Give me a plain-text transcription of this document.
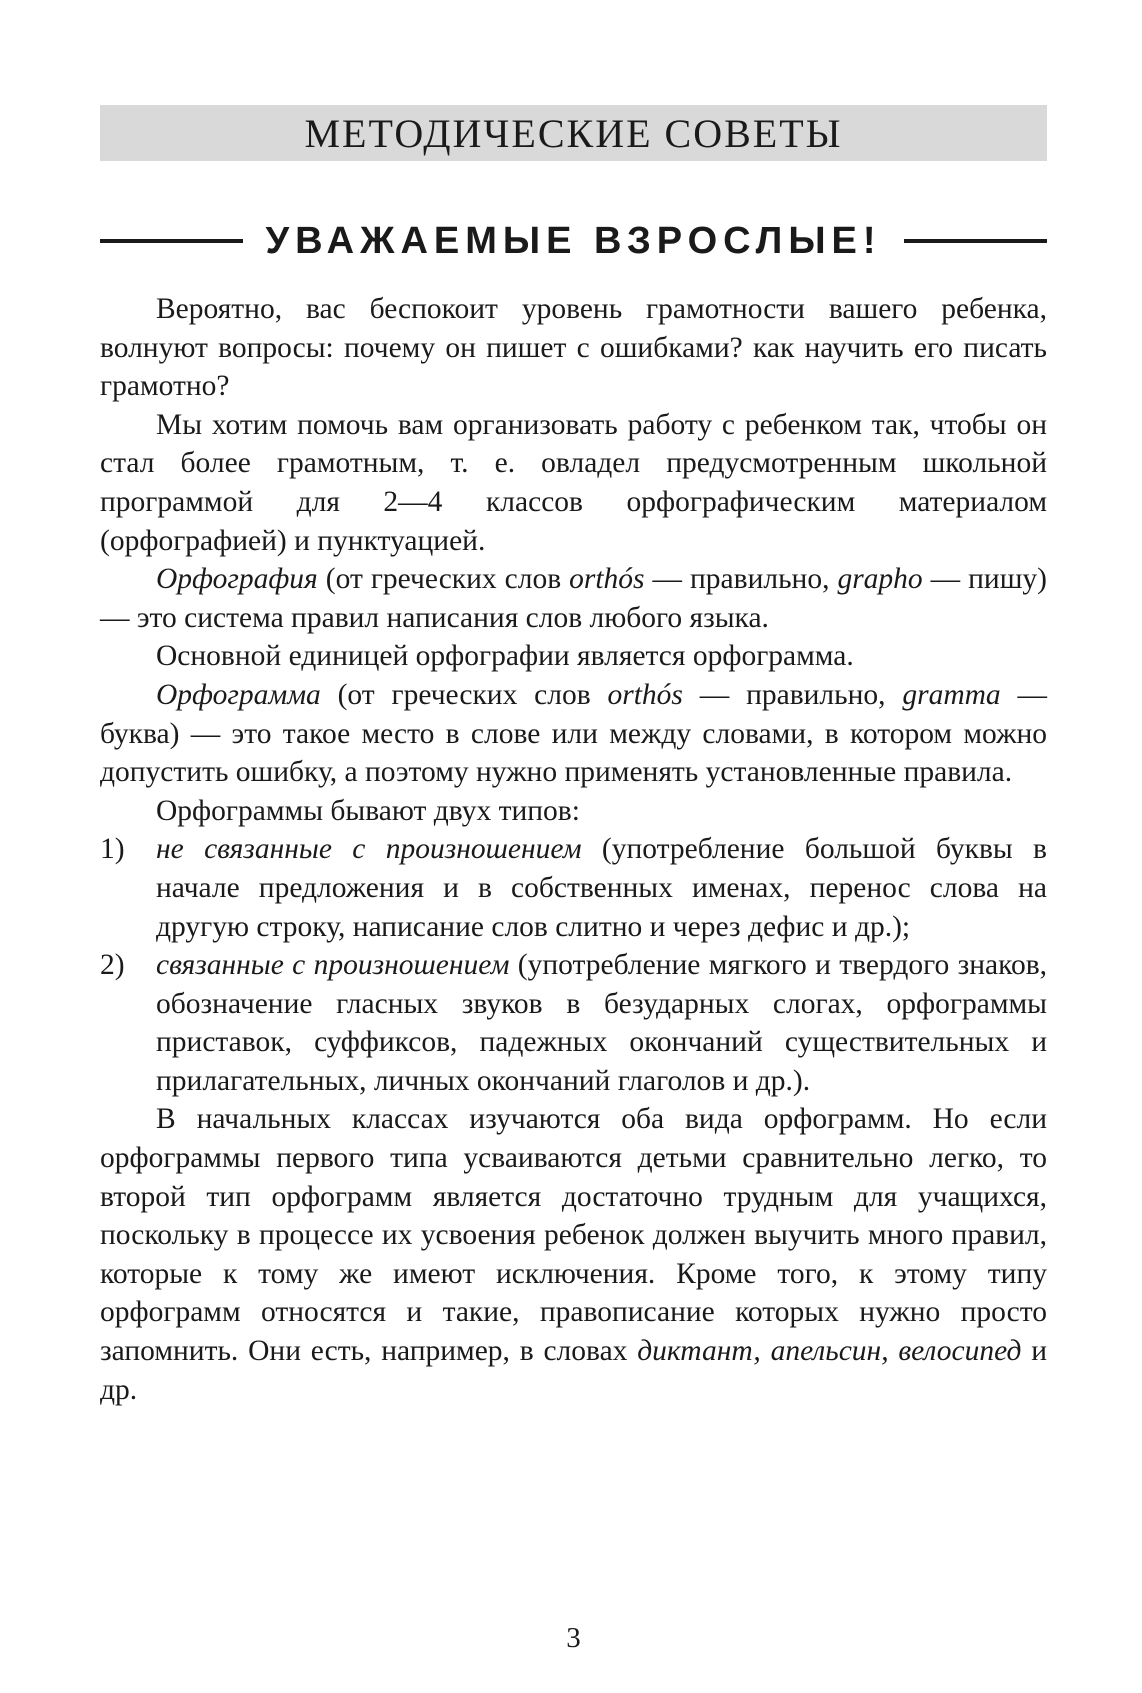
МЕТОДИЧЕСКИЕ СОВЕТЫ
УВАЖАЕМЫЕ ВЗРОСЛЫЕ!

Вероятно, вас беспокоит уровень грамотности вашего ребенка, волнуют вопросы: почему он пишет с ошибками? как научить его писать грамотно?

Мы хотим помочь вам организовать работу с ребенком так, чтобы он стал более грамотным, т. е. овладел предусмотренным школьной программой для 2—4 классов орфографическим материалом (орфографией) и пунктуацией.

Орфография (от греческих слов orthós — правильно, grapho — пишу) — это система правил написания слов любого языка.

Основной единицей орфографии является орфограмма.

Орфограмма (от греческих слов orthós — правильно, gramma — буква) — это такое место в слове или между словами, в котором можно допустить ошибку, а поэтому нужно применять установленные правила.

Орфограммы бывают двух типов:

1)	не связанные с произношением (употребление большой буквы в начале предложения и в собственных именах, перенос слова на другую строку, написание слов слитно и через дефис и др.);
2)	связанные с произношением (употребление мягкого и твердого знаков, обозначение гласных звуков в безударных слогах, орфограммы приставок, суффиксов, падежных окончаний существительных и прилагательных, личных окончаний глаголов и др.).

В начальных классах изучаются оба вида орфограмм. Но если орфограммы первого типа усваиваются детьми сравнительно легко, то второй тип орфограмм является достаточно трудным для учащихся, поскольку в процессе их усвоения ребенок должен выучить много правил, которые к тому же имеют исключения. Кроме того, к этому типу орфограмм относятся и такие, правописание которых нужно просто запомнить. Они есть, например, в словах диктант, апельсин, велосипед и др.

3
